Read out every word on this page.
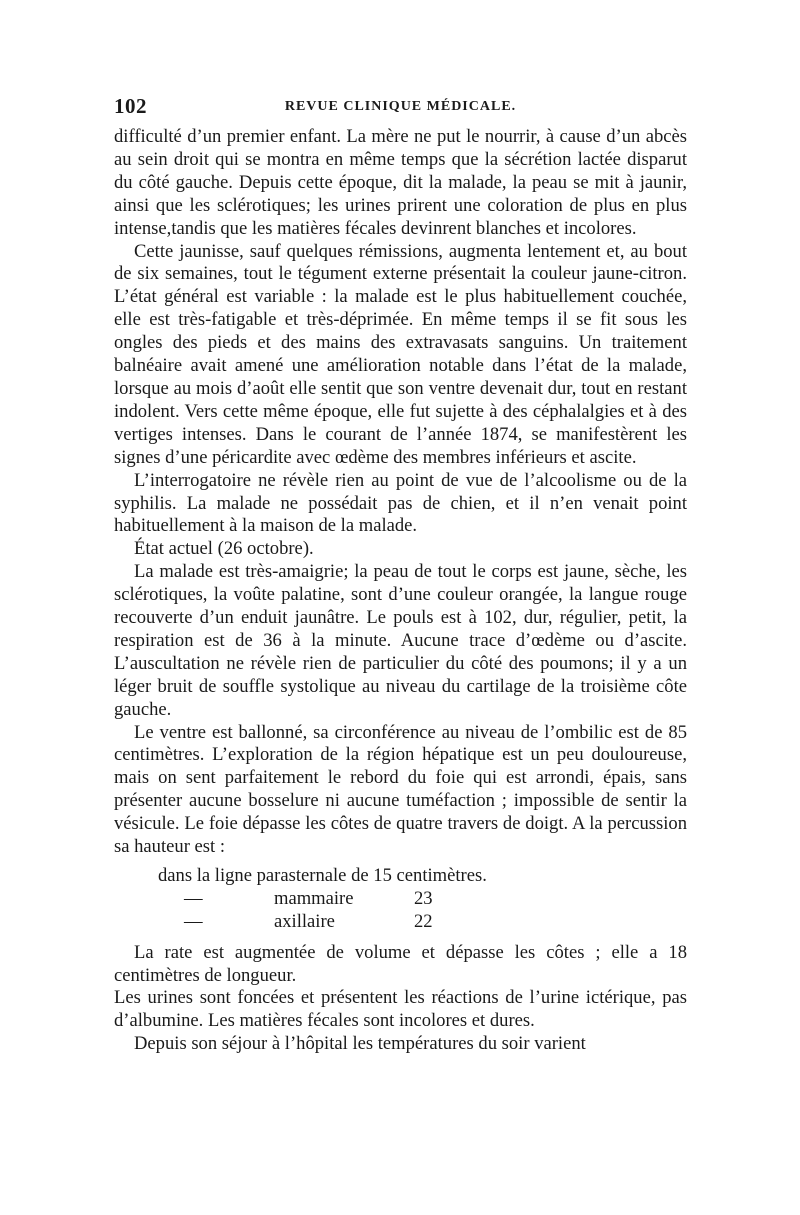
102	REVUE CLINIQUE MÉDICALE.

difficulté d’un premier enfant. La mère ne put le nourrir, à cause d’un abcès au sein droit qui se montra en même temps que la sécrétion lactée disparut du côté gauche. Depuis cette époque, dit la malade, la peau se mit à jaunir, ainsi que les sclérotiques; les urines prirent une coloration de plus en plus intense,tandis que les matières fécales devinrent blanches et incolores.

Cette jaunisse, sauf quelques rémissions, augmenta lentement et, au bout de six semaines, tout le tégument externe présentait la couleur jaune-citron. L’état général est variable : la malade est le plus habituellement couchée, elle est très-fatigable et très-déprimée. En même temps il se fit sous les ongles des pieds et des mains des extravasats sanguins. Un traitement balnéaire avait amené une amélioration notable dans l’état de la malade, lorsque au mois d’août elle sentit que son ventre devenait dur, tout en restant indolent. Vers cette même époque, elle fut sujette à des céphalalgies et à des vertiges intenses. Dans le courant de l’année 1874, se manifestèrent les signes d’une péricardite avec œdème des membres inférieurs et ascite.

L’interrogatoire ne révèle rien au point de vue de l’alcoolisme ou de la syphilis. La malade ne possédait pas de chien, et il n’en venait point habituellement à la maison de la malade.

État actuel (26 octobre).

La malade est très-amaigrie; la peau de tout le corps est jaune, sèche, les sclérotiques, la voûte palatine, sont d’une couleur orangée, la langue rouge recouverte d’un enduit jaunâtre. Le pouls est à 102, dur, régulier, petit, la respiration est de 36 à la minute. Aucune trace d’œdème ou d’ascite. L’auscultation ne révèle rien de particulier du côté des poumons; il y a un léger bruit de souffle systolique au niveau du cartilage de la troisième côte gauche.

Le ventre est ballonné, sa circonférence au niveau de l’ombilic est de 85 centimètres. L’exploration de la région hépatique est un peu douloureuse, mais on sent parfaitement le rebord du foie qui est arrondi, épais, sans présenter aucune bosselure ni aucune tuméfaction ; impossible de sentir la vésicule. Le foie dépasse les côtes de quatre travers de doigt. A la percussion sa hauteur est :

dans la ligne parasternale de 15 centimètres.
—	mammaire	23
—	axillaire	22

La rate est augmentée de volume et dépasse les côtes ; elle a 18 centimètres de longueur.

Les urines sont foncées et présentent les réactions de l’urine ictérique, pas d’albumine. Les matières fécales sont incolores et dures.

Depuis son séjour à l’hôpital les températures du soir varient
